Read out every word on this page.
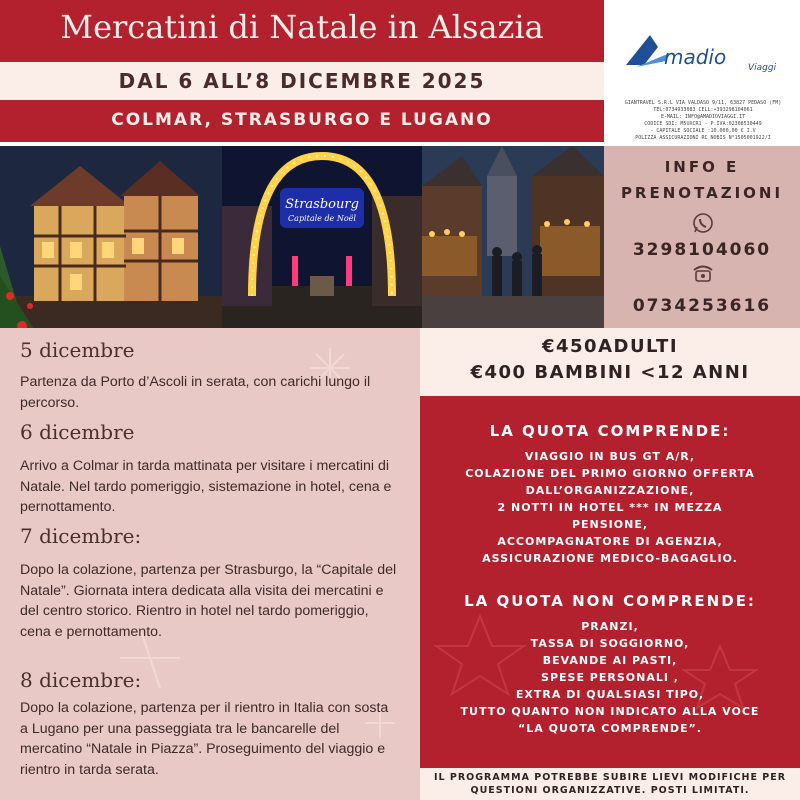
Mercatini di Natale in Alsazia
DAL 6 ALL’8 DICEMBRE 2025
COLMAR, STRASBURGO E LUGANO
madio Viaggi
GIANTRAVEL S.R.L VIA VALDASO 9/11, 63827 PEDASO (FM)
TEL:0734933083 CELL:+393298104061
E-MAIL: INFO@AMADIOVIAGGI.IT
CODICE SDI: M5UXCR1 - P.IVA:02308530449
- CAPITALE SOCIALE :10.000,00 € I.V
POLIZZA ASSICURAZIONI RC NOBIS N°1505001922/I
Strasbourg
Capitale de Noël
INFO E
PRENOTAZIONI
3298104060
0734253616
5 dicembre
Partenza da Porto d’Ascoli in serata, con carichi lungo il percorso.
6 dicembre
Arrivo a Colmar in tarda mattinata per visitare i mercatini di Natale. Nel tardo pomeriggio, sistemazione in hotel, cena e pernottamento.
7 dicembre:
Dopo la colazione, partenza per Strasburgo, la “Capitale del Natale”. Giornata intera dedicata alla visita dei mercatini e del centro storico. Rientro in hotel nel tardo pomeriggio, cena e pernottamento.
8 dicembre:
Dopo la colazione, partenza per il rientro in Italia con sosta a Lugano per una passeggiata tra le bancarelle del mercatino “Natale in Piazza”. Proseguimento del viaggio e rientro in tarda serata.
€450ADULTI
€400 BAMBINI <12 ANNI
LA QUOTA COMPRENDE:
VIAGGIO IN BUS GT A/R,
COLAZIONE DEL PRIMO GIORNO OFFERTA
DALL’ORGANIZZAZIONE,
2 NOTTI IN HOTEL *** IN MEZZA
PENSIONE,
ACCOMPAGNATORE DI AGENZIA,
ASSICURAZIONE MEDICO-BAGAGLIO.
LA QUOTA NON COMPRENDE:
PRANZI,
TASSA DI SOGGIORNO,
BEVANDE AI PASTI,
SPESE PERSONALI ,
EXTRA DI QUALSIASI TIPO,
TUTTO QUANTO NON INDICATO ALLA VOCE
“LA QUOTA COMPRENDE”.
IL PROGRAMMA POTREBBE SUBIRE LIEVI MODIFICHE PER
QUESTIONI ORGANIZZATIVE. POSTI LIMITATI.
